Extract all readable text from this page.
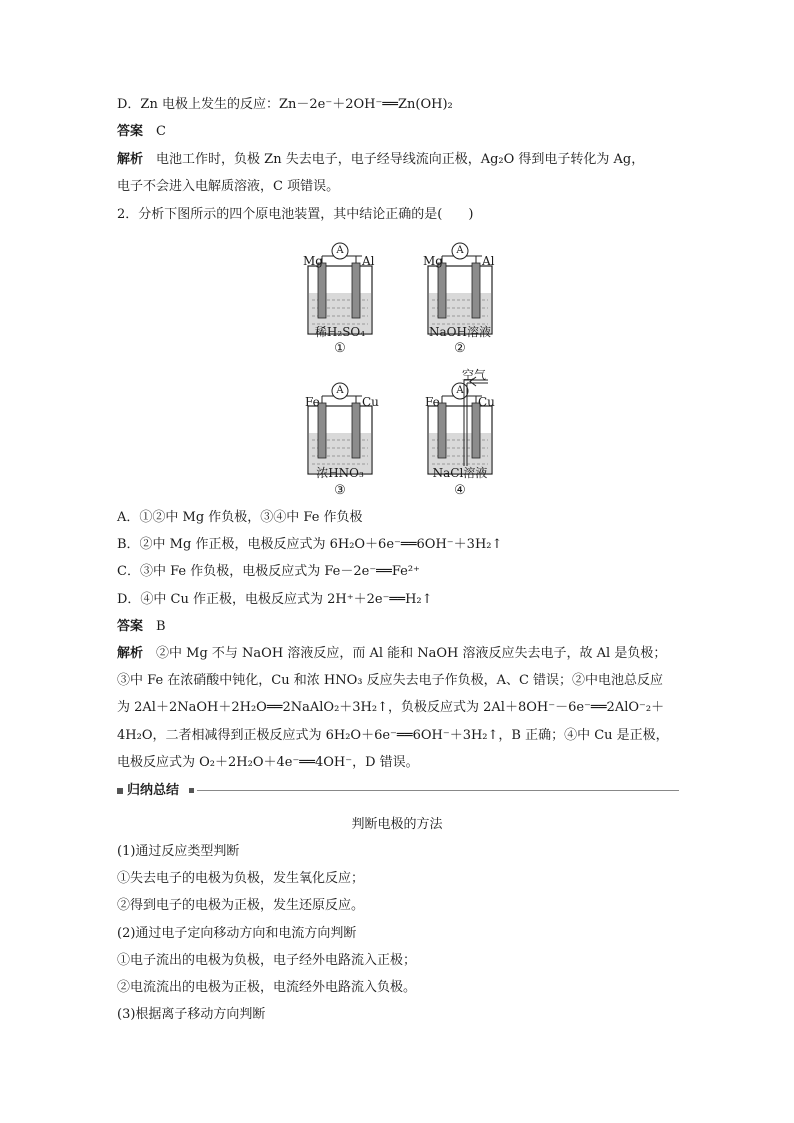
D．Zn 电极上发生的反应：Zn－2e⁻＋2OH⁻══Zn(OH)₂
答案　 C
解析　 电池工作时，负极 Zn 失去电子，电子经导线流向正极，Ag₂O 得到电子转化为 Ag，
电子不会进入电解质溶液，C 项错误。
2．分析下图所示的四个原电池装置，其中结论正确的是(　　)
A
Mg	Al
稀H₂SO₄
①
A
Mg	Al
NaOH溶液
②
A
Fe	Cu
浓HNO₃
③
A
空气
Fe	Cu
NaCl溶液
④
A．①②中 Mg 作负极，③④中 Fe 作负极
B．②中 Mg 作正极，电极反应式为 6H₂O＋6e⁻══6OH⁻＋3H₂↑
C．③中 Fe 作负极，电极反应式为 Fe－2e⁻══Fe²⁺
D．④中 Cu 作正极，电极反应式为 2H⁺＋2e⁻══H₂↑
答案　 B
解析　 ②中 Mg 不与 NaOH 溶液反应，而 Al 能和 NaOH 溶液反应失去电子，故 Al 是负极；
③中 Fe 在浓硝酸中钝化，Cu 和浓 HNO₃ 反应失去电子作负极，A、C 错误；②中电池总反应
为 2Al＋2NaOH＋2H₂O══2NaAlO₂＋3H₂↑，负极反应式为 2Al＋8OH⁻－6e⁻══2AlO⁻₂＋
4H₂O，二者相减得到正极反应式为 6H₂O＋6e⁻══6OH⁻＋3H₂↑，B 正确；④中 Cu 是正极，
电极反应式为 O₂＋2H₂O＋4e⁻══4OH⁻，D 错误。
归纳总结
判断电极的方法
(1)通过反应类型判断
①失去电子的电极为负极，发生氧化反应；
②得到电子的电极为正极，发生还原反应。
(2)通过电子定向移动方向和电流方向判断
①电子流出的电极为负极，电子经外电路流入正极；
②电流流出的电极为正极，电流经外电路流入负极。
(3)根据离子移动方向判断
